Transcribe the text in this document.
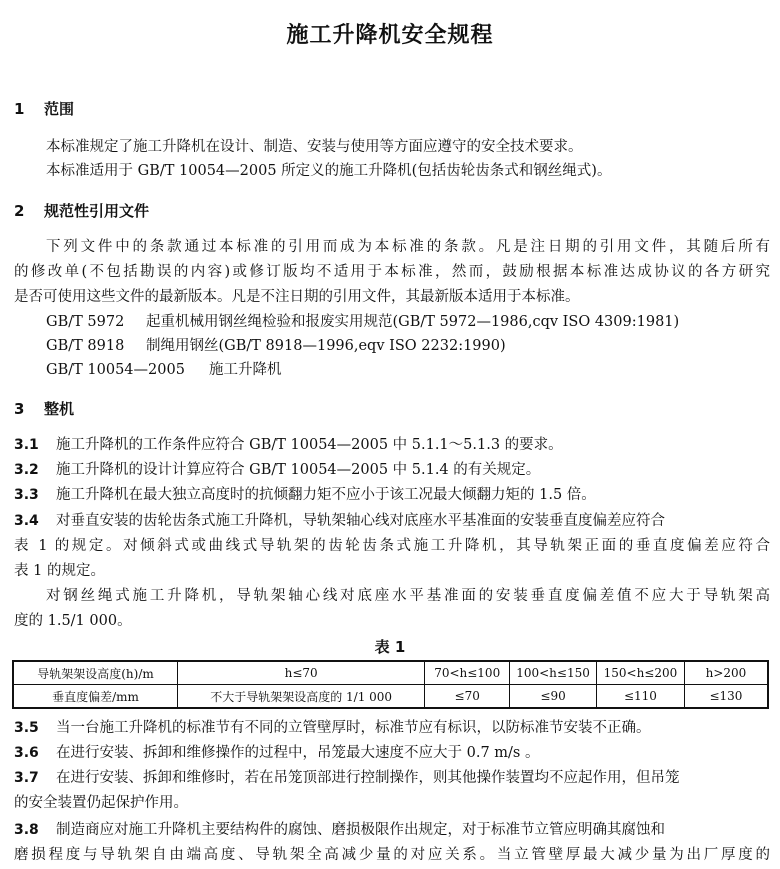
施工升降机安全规程
1 范围
本标准规定了施工升降机在设计、制造、安装与使用等方面应遵守的安全技术要求。
本标准适用于 GB/T 10054—2005 所定义的施工升降机(包括齿轮齿条式和钢丝绳式)。
2 规范性引用文件
下列文件中的条款通过本标准的引用而成为本标准的条款。凡是注日期的引用文件，其随后所有
的修改单(不包括勘误的内容)或修订版均不适用于本标准，然而，鼓励根据本标准达成协议的各方研究
是否可使用这些文件的最新版本。凡是不注日期的引用文件，其最新版本适用于本标准。
GB/T 5972 起重机械用钢丝绳检验和报废实用规范(GB/T 5972—1986,cqv ISO 4309:1981)
GB/T 8918 制绳用钢丝(GB/T 8918—1996,eqv ISO 2232:1990)
GB/T 10054—2005 施工升降机
3 整机
3.1 施工升降机的工作条件应符合 GB/T 10054—2005 中 5.1.1～5.1.3 的要求。
3.2 施工升降机的设计计算应符合 GB/T 10054—2005 中 5.1.4 的有关规定。
3.3 施工升降机在最大独立高度时的抗倾翻力矩不应小于该工况最大倾翻力矩的 1.5 倍。
3.4 对垂直安装的齿轮齿条式施工升降机，导轨架轴心线对底座水平基准面的安装垂直度偏差应符合
表 1 的规定。对倾斜式或曲线式导轨架的齿轮齿条式施工升降机，其导轨架正面的垂直度偏差应符合
表 1 的规定。
对钢丝绳式施工升降机，导轨架轴心线对底座水平基准面的安装垂直度偏差值不应大于导轨架高
度的 1.5/1 000。
表 1
导轨架架设高度(h)/m	h≤70	70<h≤100	100<h≤150	150<h≤200	h>200
垂直度偏差/mm	不大于导轨架架设高度的 1/1 000	≤70	≤90	≤110	≤130
3.5 当一台施工升降机的标准节有不同的立管壁厚时，标准节应有标识，以防标准节安装不正确。
3.6 在进行安装、拆卸和维修操作的过程中，吊笼最大速度不应大于 0.7 m/s 。
3.7 在进行安装、拆卸和维修时，若在吊笼顶部进行控制操作，则其他操作装置均不应起作用，但吊笼
的安全装置仍起保护作用。
3.8 制造商应对施工升降机主要结构件的腐蚀、磨损极限作出规定，对于标准节立管应明确其腐蚀和
磨损程度与导轨架自由端高度、导轨架全高减少量的对应关系。当立管壁厚最大减少量为出厂厚度的
